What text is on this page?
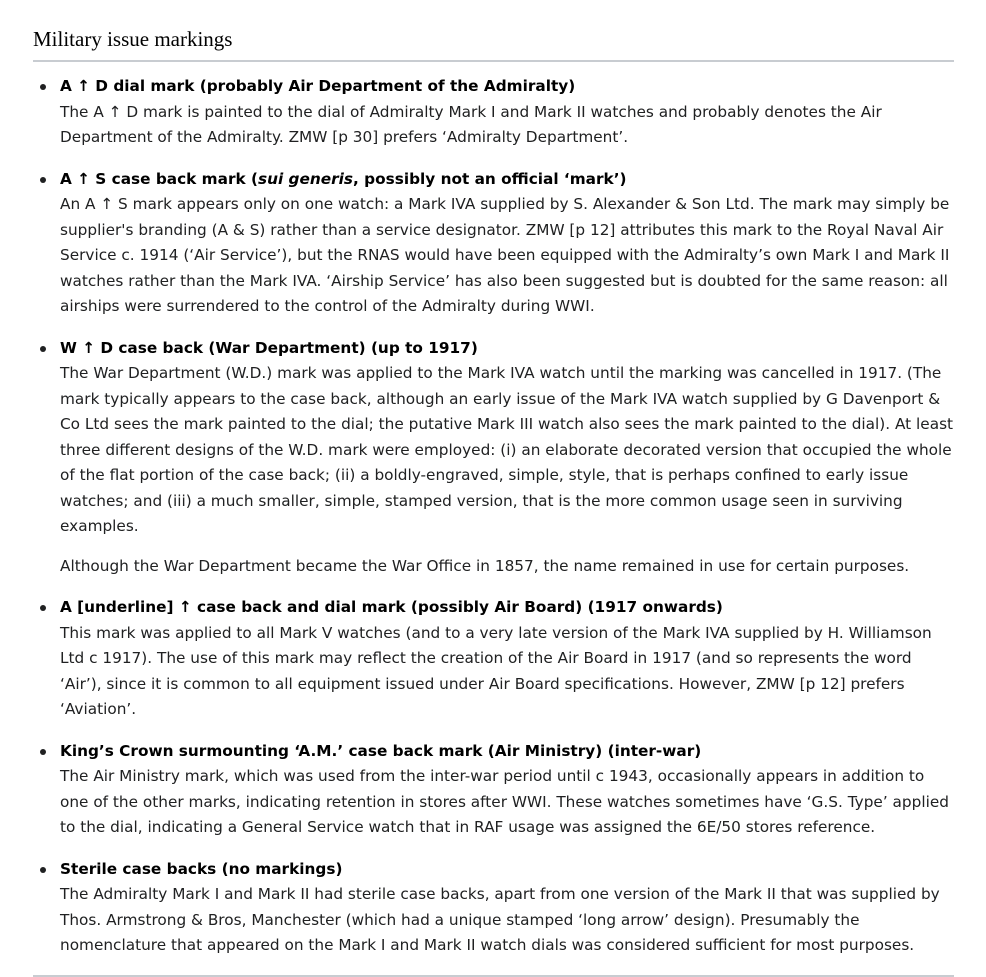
Military issue markings

A ↑ D dial mark (probably Air Department of the Admiralty)

The A ↑ D mark is painted to the dial of Admiralty Mark I and Mark II watches and probably denotes the Air Department of the Admiralty. ZMW [p 30] prefers ‘Admiralty Department’.

A ↑ S case back mark (sui generis, possibly not an official ‘mark’)

An A ↑ S mark appears only on one watch: a Mark IVA supplied by S. Alexander & Son Ltd. The mark may simply be supplier's branding (A & S) rather than a service designator. ZMW [p 12] attributes this mark to the Royal Naval Air Service c. 1914 (‘Air Service’), but the RNAS would have been equipped with the Admiralty’s own Mark I and Mark II watches rather than the Mark IVA. ‘Airship Service’ has also been suggested but is doubted for the same reason: all airships were surrendered to the control of the Admiralty during WWI.

W ↑ D case back (War Department) (up to 1917)

The War Department (W.D.) mark was applied to the Mark IVA watch until the marking was cancelled in 1917. (The mark typically appears to the case back, although an early issue of the Mark IVA watch supplied by G Davenport & Co Ltd sees the mark painted to the dial; the putative Mark III watch also sees the mark painted to the dial). At least three different designs of the W.D. mark were employed: (i) an elaborate decorated version that occupied the whole of the flat portion of the case back; (ii) a boldly-engraved, simple, style, that is perhaps confined to early issue watches; and (iii) a much smaller, simple, stamped version, that is the more common usage seen in surviving examples.

Although the War Department became the War Office in 1857, the name remained in use for certain purposes.

A [underline] ↑ case back and dial mark (possibly Air Board) (1917 onwards)

This mark was applied to all Mark V watches (and to a very late version of the Mark IVA supplied by H. Williamson Ltd c 1917). The use of this mark may reflect the creation of the Air Board in 1917 (and so represents the word ‘Air’), since it is common to all equipment issued under Air Board specifications. However, ZMW [p 12] prefers ‘Aviation’.

King’s Crown surmounting ‘A.M.’ case back mark (Air Ministry) (inter-war)

The Air Ministry mark, which was used from the inter-war period until c 1943, occasionally appears in addition to one of the other marks, indicating retention in stores after WWI. These watches sometimes have ‘G.S. Type’ applied to the dial, indicating a General Service watch that in RAF usage was assigned the 6E/50 stores reference.

Sterile case backs (no markings)

The Admiralty Mark I and Mark II had sterile case backs, apart from one version of the Mark II that was supplied by Thos. Armstrong & Bros, Manchester (which had a unique stamped ‘long arrow’ design). Presumably the nomenclature that appeared on the Mark I and Mark II watch dials was considered sufficient for most purposes.
